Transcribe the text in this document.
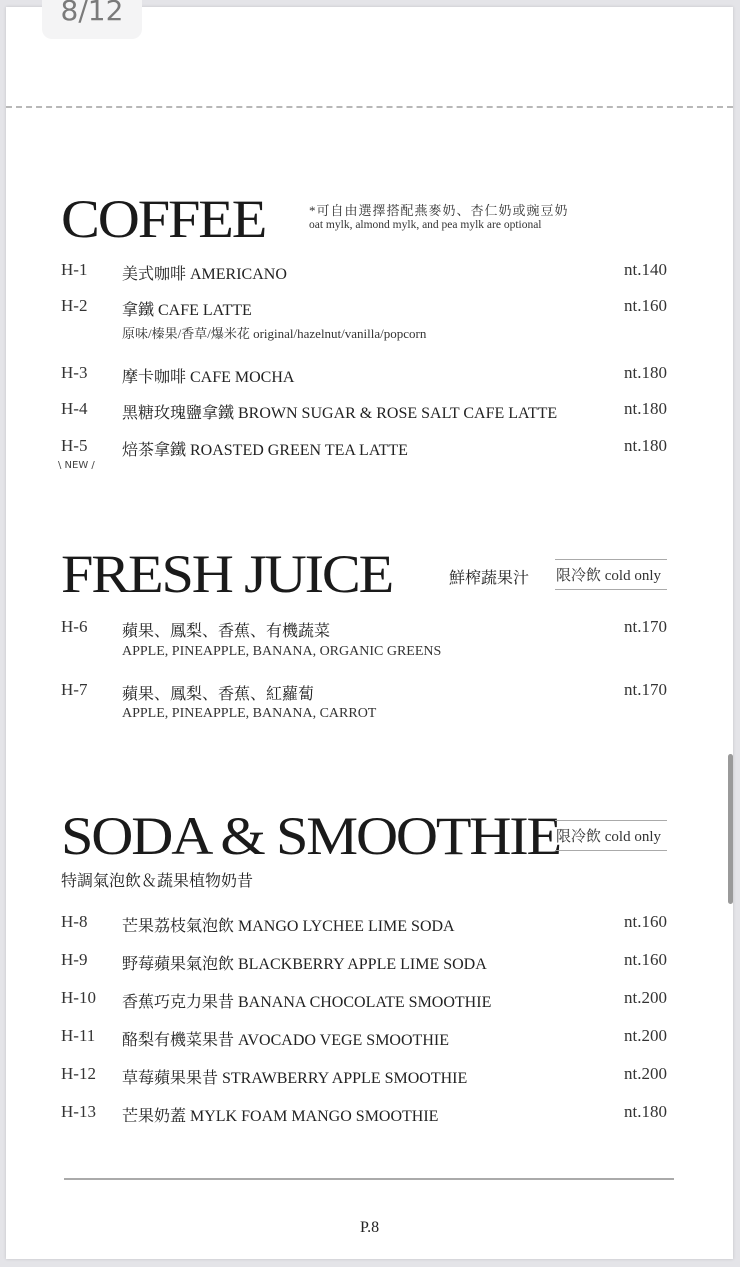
8/12
COFFEE	*可自由選擇搭配燕麥奶、杏仁奶或豌豆奶
oat mylk, almond mylk, and pea mylk are optional
H-1 美式咖啡 AMERICANO	nt.140
H-2 拿鐵 CAFE LATTE
原味/榛果/香草/爆米花 original/hazelnut/vanilla/popcorn
nt.160
H-3 摩卡咖啡 CAFE MOCHA	nt.180
H-4 黑糖玫瑰鹽拿鐵 BROWN SUGAR & ROSE SALT CAFE LATTE	nt.180
H-5
\ NEW /
焙茶拿鐵 ROASTED GREEN TEA LATTE	nt.180
FRESH JUICE	鮮榨蔬果汁 限冷飲 cold only
H-6 蘋果、鳳梨、香蕉、有機蔬菜
APPLE, PINEAPPLE, BANANA, ORGANIC GREENS
nt.170
H-7 蘋果、鳳梨、香蕉、紅蘿蔔
APPLE, PINEAPPLE, BANANA, CARROT
nt.170
SODA & SMOOTHIE
限冷飲 cold only
特調氣泡飲＆蔬果植物奶昔
H-8 芒果荔枝氣泡飲 MANGO LYCHEE LIME SODA	nt.160
H-9 野莓蘋果氣泡飲 BLACKBERRY APPLE LIME SODA	nt.160
H-10 香蕉巧克力果昔 BANANA CHOCOLATE SMOOTHIE	nt.200
H-11 酪梨有機菜果昔 AVOCADO VEGE SMOOTHIE	nt.200
H-12 草莓蘋果果昔 STRAWBERRY APPLE SMOOTHIE	nt.200
H-13 芒果奶蓋 MYLK FOAM MANGO SMOOTHIE	nt.180
P.8
